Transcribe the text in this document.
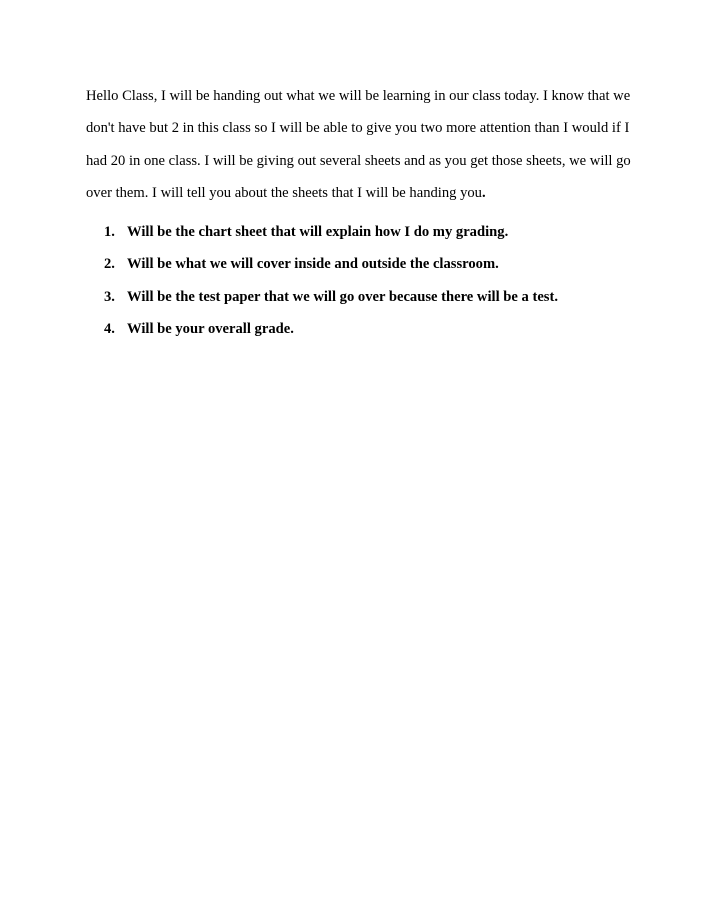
Hello Class, I will be handing out what we will be learning in our class today. I know that we
don't have but 2 in this class so I will be able to give you two more attention than I would if I
had 20 in one class. I will be giving out several sheets and as you get those sheets, we will go
over them. I will tell you about the sheets that I will be handing you.

1. Will be the chart sheet that will explain how I do my grading.
2. Will be what we will cover inside and outside the classroom.
3. Will be the test paper that we will go over because there will be a test.
4. Will be your overall grade.
